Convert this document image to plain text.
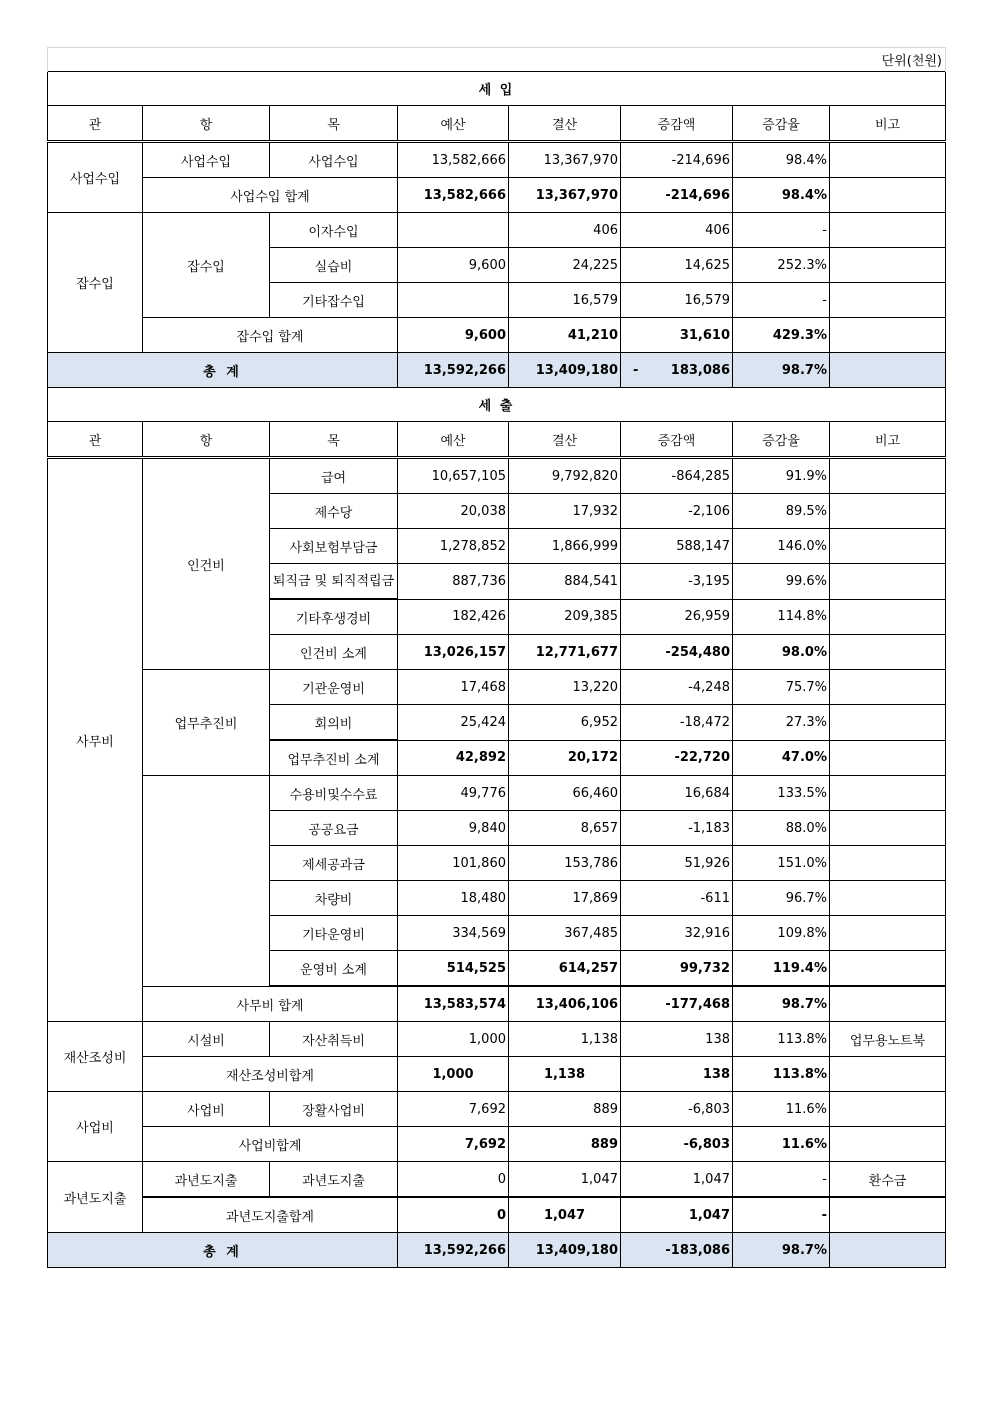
단위(천원)							
세 입							
관	항	목	예산	결산	증감액	증감율	비고
사업수입	사업수입	사업수입	13,582,666	13,367,970	-214,696	98.4%	
	사업수입 합계		13,582,666	13,367,970	-214,696	98.4%	
잡수입	잡수입	이자수입		406	406	-	
		실습비	9,600	24,225	14,625	252.3%	
		기타잡수입		16,579	16,579	-	
	잡수입 합계		9,600	41,210	31,610	429.3%	
총 계			13,592,266	13,409,180	- 183,086	98.7%	
세 출							
관	항	목	예산	결산	증감액	증감율	비고
사무비	인건비	급여	10,657,105	9,792,820	-864,285	91.9%	
		제수당	20,038	17,932	-2,106	89.5%	
		사회보험부담금	1,278,852	1,866,999	588,147	146.0%	
		퇴직금 및 퇴직적립금	887,736	884,541	-3,195	99.6%	
		기타후생경비	182,426	209,385	26,959	114.8%	
		인건비 소계	13,026,157	12,771,677	-254,480	98.0%	
	업무추진비	기관운영비	17,468	13,220	-4,248	75.7%	
		회의비	25,424	6,952	-18,472	27.3%	
		업무추진비 소계	42,892	20,172	-22,720	47.0%	
		수용비및수수료	49,776	66,460	16,684	133.5%	
		공공요금	9,840	8,657	-1,183	88.0%	
		제세공과금	101,860	153,786	51,926	151.0%	
		차량비	18,480	17,869	-611	96.7%	
		기타운영비	334,569	367,485	32,916	109.8%	
		운영비 소계	514,525	614,257	99,732	119.4%	
	사무비 합계		13,583,574	13,406,106	-177,468	98.7%	
재산조성비	시설비	자산취득비	1,000	1,138	138	113.8%	업무용노트북
	재산조성비합계		1,000	1,138	138	113.8%	
사업비	사업비	장활사업비	7,692	889	-6,803	11.6%	
	사업비합계		7,692	889	-6,803	11.6%	
과년도지출	과년도지출	과년도지출	0	1,047	1,047	-	환수금
	과년도지출합계		0	1,047	1,047	-	
총 계			13,592,266	13,409,180	-183,086	98.7%	
